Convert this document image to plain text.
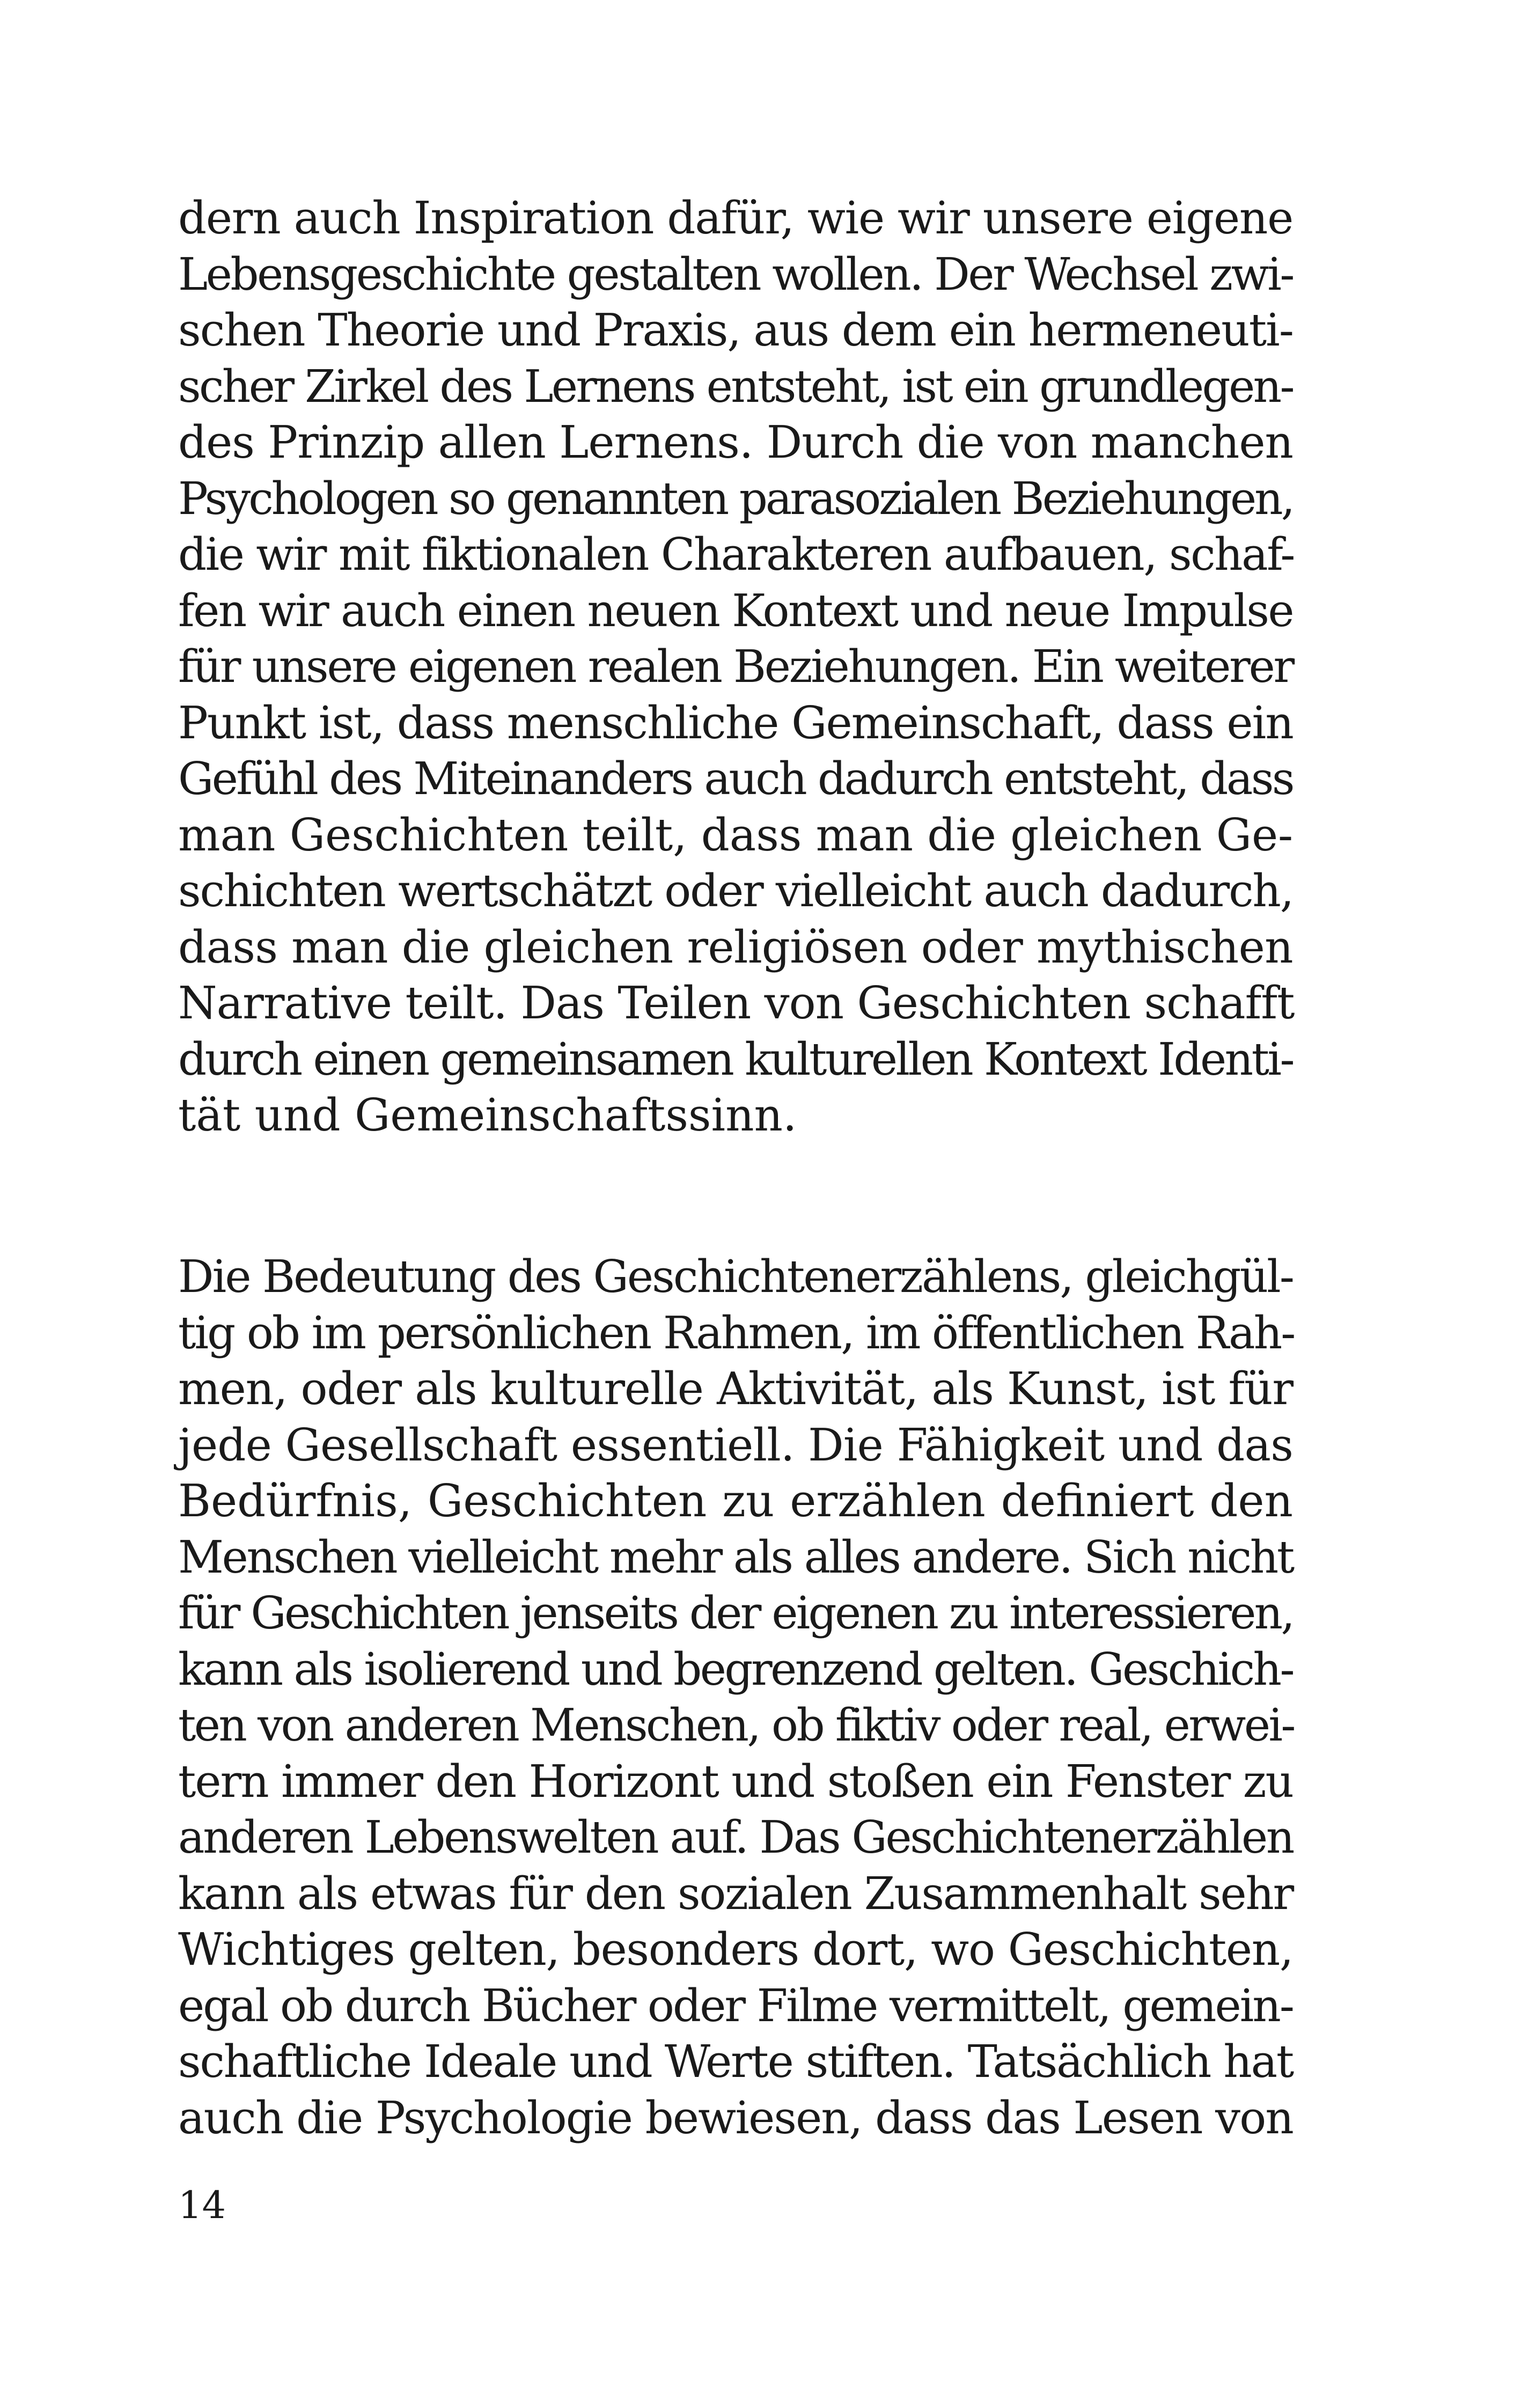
dern auch Inspiration dafür, wie wir unsere eigene
Lebensgeschichte gestalten wollen. Der Wechsel zwi-
schen Theorie und Praxis, aus dem ein hermeneuti-
scher Zirkel des Lernens entsteht, ist ein grundlegen-
des Prinzip allen Lernens. Durch die von manchen
Psychologen so genannten parasozialen Beziehungen,
die wir mit fiktionalen Charakteren aufbauen, schaf-
fen wir auch einen neuen Kontext und neue Impulse
für unsere eigenen realen Beziehungen. Ein weiterer
Punkt ist, dass menschliche Gemeinschaft, dass ein
Gefühl des Miteinanders auch dadurch entsteht, dass
man Geschichten teilt, dass man die gleichen Ge-
schichten wertschätzt oder vielleicht auch dadurch,
dass man die gleichen religiösen oder mythischen
Narrative teilt. Das Teilen von Geschichten schafft
durch einen gemeinsamen kulturellen Kontext Identi-
tät und Gemeinschaftssinn.
Die Bedeutung des Geschichtenerzählens, gleichgül-
tig ob im persönlichen Rahmen, im öffentlichen Rah-
men, oder als kulturelle Aktivität, als Kunst, ist für
jede Gesellschaft essentiell. Die Fähigkeit und das
Bedürfnis, Geschichten zu erzählen definiert den
Menschen vielleicht mehr als alles andere. Sich nicht
für Geschichten jenseits der eigenen zu interessieren,
kann als isolierend und begrenzend gelten. Geschich-
ten von anderen Menschen, ob fiktiv oder real, erwei-
tern immer den Horizont und stoßen ein Fenster zu
anderen Lebenswelten auf. Das Geschichtenerzählen
kann als etwas für den sozialen Zusammenhalt sehr
Wichtiges gelten, besonders dort, wo Geschichten,
egal ob durch Bücher oder Filme vermittelt, gemein-
schaftliche Ideale und Werte stiften. Tatsächlich hat
auch die Psychologie bewiesen, dass das Lesen von
14
